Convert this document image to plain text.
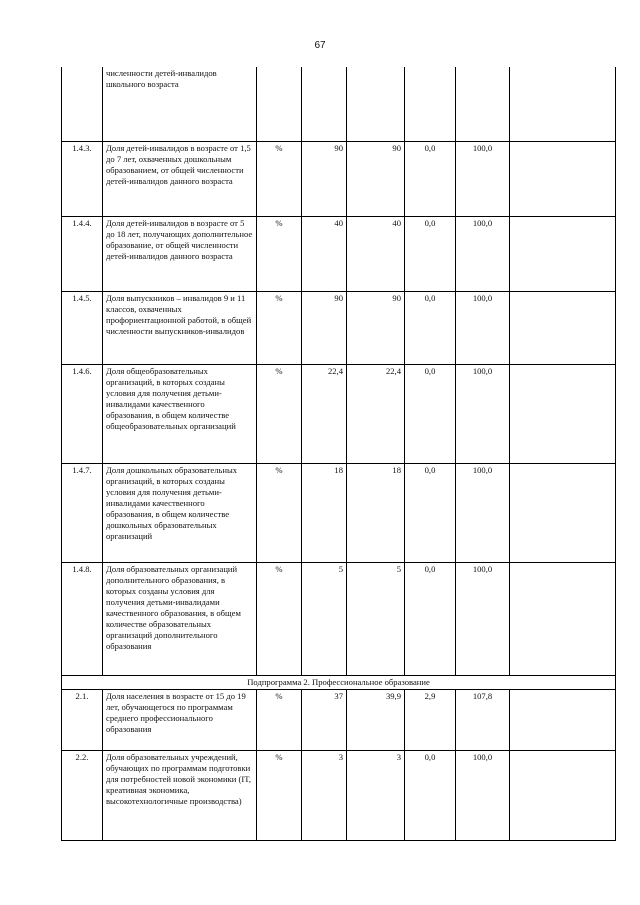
67
	численности детей-инвалидов школьного возраста						
1.4.3.	Доля детей-инвалидов в возрасте от 1,5 до 7 лет, охваченных дошкольным образованием, от общей численности детей-инвалидов данного возраста	%	90	90	0,0	100,0	
1.4.4.	Доля детей-инвалидов в возрасте от 5 до 18 лет, получающих дополнительное образование, от общей численности детей-инвалидов данного возраста	%	40	40	0,0	100,0	
1.4.5.	Доля выпускников – инвалидов 9 и 11 классов, охваченных профориентационной работой, в общей численности выпускников-инвалидов	%	90	90	0,0	100,0	
1.4.6.	Доля общеобразовательных организаций, в которых созданы условия для получения детьми-инвалидами качественного образования, в общем количестве общеобразовательных организаций	%	22,4	22,4	0,0	100,0	
1.4.7.	Доля дошкольных образовательных организаций, в которых созданы условия для получения детьми-инвалидами качественного образования, в общем количестве дошкольных образовательных организаций	%	18	18	0,0	100,0	
1.4.8.	Доля образовательных организаций дополнительного образования, в которых созданы условия для получения детьми-инвалидами качественного образования, в общем количестве образовательных организаций дополнительного образования	%	5	5	0,0	100,0	
Подпрограмма 2. Профессиональное образование							
2.1.	Доля населения в возрасте от 15 до 19 лет, обучающегося по программам среднего профессионального образования	%	37	39,9	2,9	107,8	
2.2.	Доля образовательных учреждений, обучающих по программам подготовки для потребностей новой экономики (IT, креативная экономика, высокотехнологичные производства)	%	3	3	0,0	100,0	
